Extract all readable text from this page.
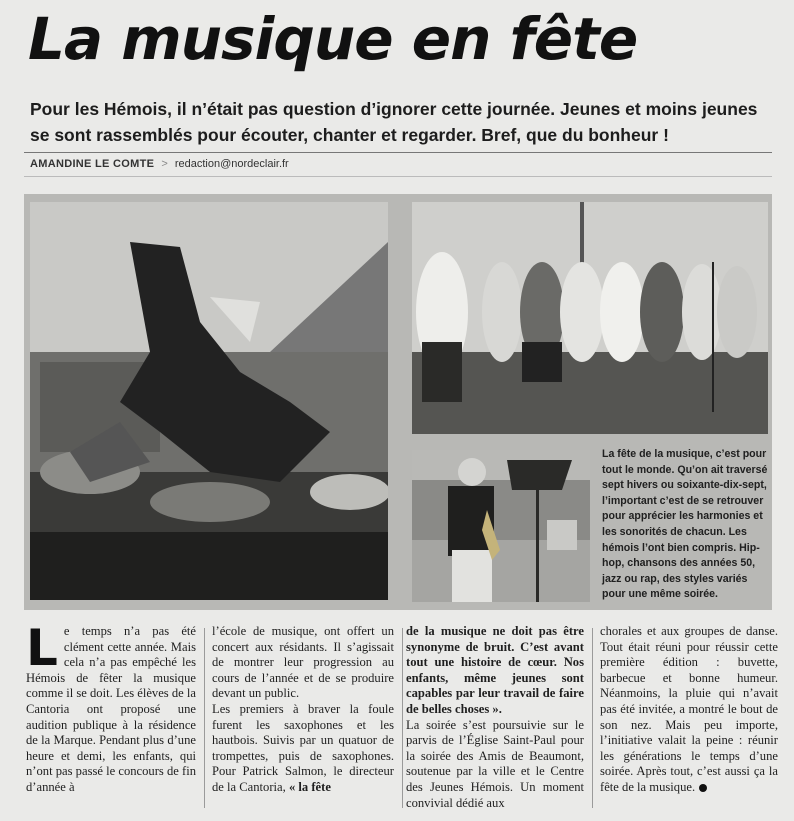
La musique en fête
Pour les Hémois, il n’était pas question d’ignorer cette journée. Jeunes et moins jeunes se sont rassemblés pour écouter, chanter et regarder. Bref, que du bonheur !
AMANDINE LE COMTE > redaction@nordeclair.fr
La fête de la musique, c’est pour tout le monde. Qu’on ait traversé sept hivers ou soixante-dix-sept, l’important c’est de se retrouver pour apprécier les harmonies et les sonorités de chacun. Les hémois l’ont bien compris. Hip-hop, chansons des années 50, jazz ou rap, des styles variés pour une même soirée.
Le temps n’a pas été clément cette année. Mais cela n’a pas empêché les Hémois de fêter la musique comme il se doit. Les élèves de la Cantoria ont proposé une audition publique à la résidence de la Marque. Pendant plus d’une heure et demi, les enfants, qui n’ont pas passé le concours de fin d’année à

l’école de musique, ont offert un concert aux résidants. Il s’agissait de montrer leur progression au cours de l’année et de se produire devant un public.

Les premiers à braver la foule furent les saxophones et les hautbois. Suivis par un quatuor de trompettes, puis de saxophones. Pour Patrick Salmon, le directeur de la Cantoria, « la fête

de la musique ne doit pas être synonyme de bruit. C’est avant tout une histoire de cœur. Nos enfants, même jeunes sont capables par leur travail de faire de belles choses ».

La soirée s’est poursuivie sur le parvis de l’Église Saint-Paul pour la soirée des Amis de Beaumont, soutenue par la ville et le Centre des Jeunes Hémois. Un moment convivial dédié aux

chorales et aux groupes de danse. Tout était réuni pour réussir cette première édition : buvette, barbecue et bonne humeur. Néanmoins, la pluie qui n’avait pas été invitée, a montré le bout de son nez. Mais peu importe, l’initiative valait la peine : réunir les générations le temps d’une soirée. Après tout, c’est aussi ça la fête de la musique.
